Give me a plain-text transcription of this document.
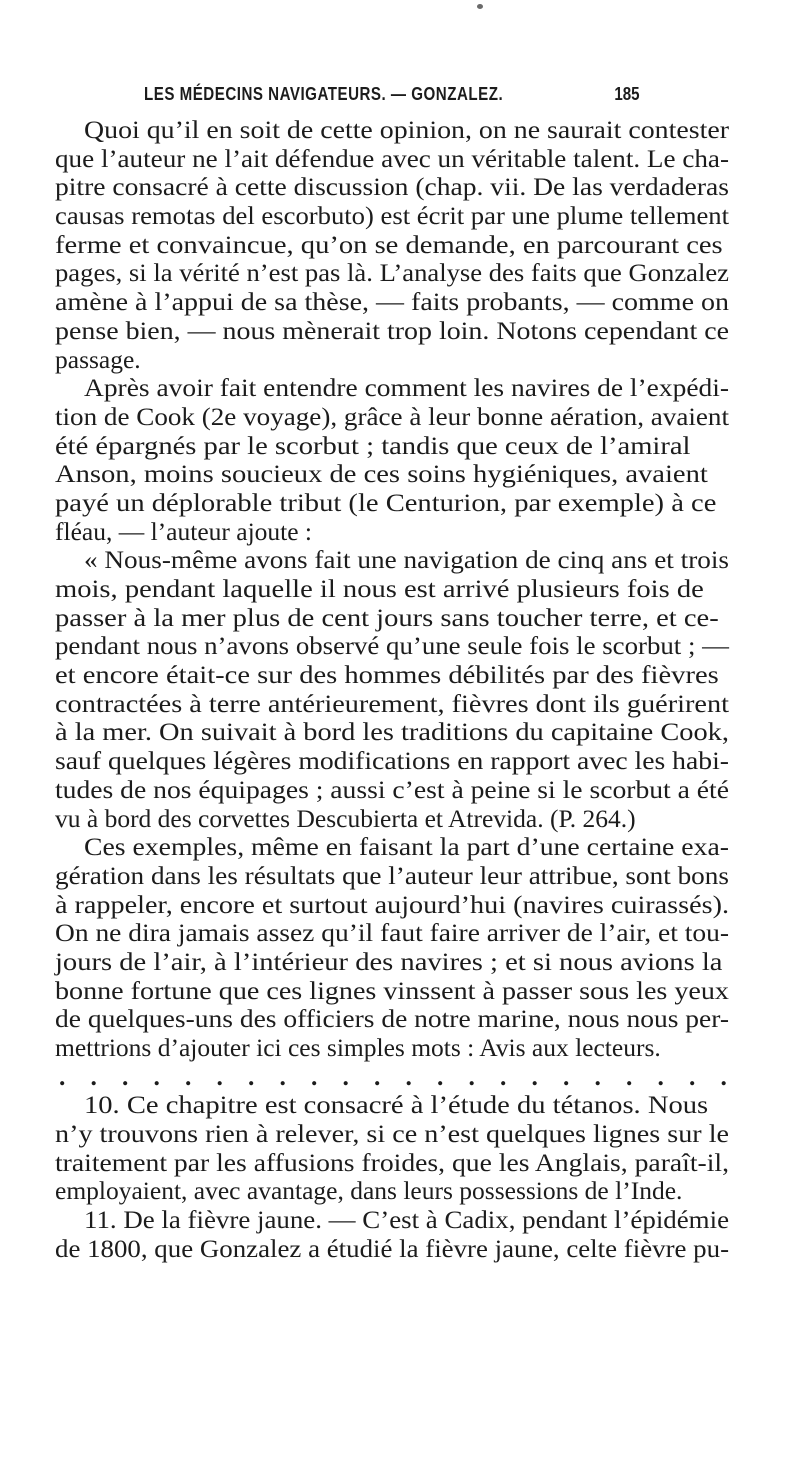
LES MÉDECINS NAVIGATEURS. — GONZALEZ.	185
Quoi qu’il en soit de cette opinion, on ne saurait contester
que l’auteur ne l’ait défendue avec un véritable talent. Le cha-
pitre consacré à cette discussion (chap. vii. De las verdaderas
causas remotas del escorbuto) est écrit par une plume tellement
ferme et convaincue, qu’on se demande, en parcourant ces
pages, si la vérité n’est pas là. L’analyse des faits que Gonzalez
amène à l’appui de sa thèse, — faits probants, — comme on
pense bien, — nous mènerait trop loin. Notons cependant ce
passage.
Après avoir fait entendre comment les navires de l’expédi-
tion de Cook (2e voyage), grâce à leur bonne aération, avaient
été épargnés par le scorbut ; tandis que ceux de l’amiral
Anson, moins soucieux de ces soins hygiéniques, avaient
payé un déplorable tribut (le Centurion, par exemple) à ce
fléau, — l’auteur ajoute :
« Nous-même avons fait une navigation de cinq ans et trois
mois, pendant laquelle il nous est arrivé plusieurs fois de
passer à la mer plus de cent jours sans toucher terre, et ce-
pendant nous n’avons observé qu’une seule fois le scorbut ; —
et encore était-ce sur des hommes débilités par des fièvres
contractées à terre antérieurement, fièvres dont ils guérirent
à la mer. On suivait à bord les traditions du capitaine Cook,
sauf quelques légères modifications en rapport avec les habi-
tudes de nos équipages ; aussi c’est à peine si le scorbut a été
vu à bord des corvettes Descubierta et Atrevida. (P. 264.)
Ces exemples, même en faisant la part d’une certaine exa-
gération dans les résultats que l’auteur leur attribue, sont bons
à rappeler, encore et surtout aujourd’hui (navires cuirassés).
On ne dira jamais assez qu’il faut faire arriver de l’air, et tou-
jours de l’air, à l’intérieur des navires ; et si nous avions la
bonne fortune que ces lignes vinssent à passer sous les yeux
de quelques-uns des officiers de notre marine, nous nous per-
mettrions d’ajouter ici ces simples mots : Avis aux lecteurs.
. . . . . . . . . . . . . . . . . . . . . .
10. Ce chapitre est consacré à l’étude du tétanos. Nous
n’y trouvons rien à relever, si ce n’est quelques lignes sur le
traitement par les affusions froides, que les Anglais, paraît-il,
employaient, avec avantage, dans leurs possessions de l’Inde.
11. De la fièvre jaune. — C’est à Cadix, pendant l’épidémie
de 1800, que Gonzalez a étudié la fièvre jaune, celte fièvre pu-
